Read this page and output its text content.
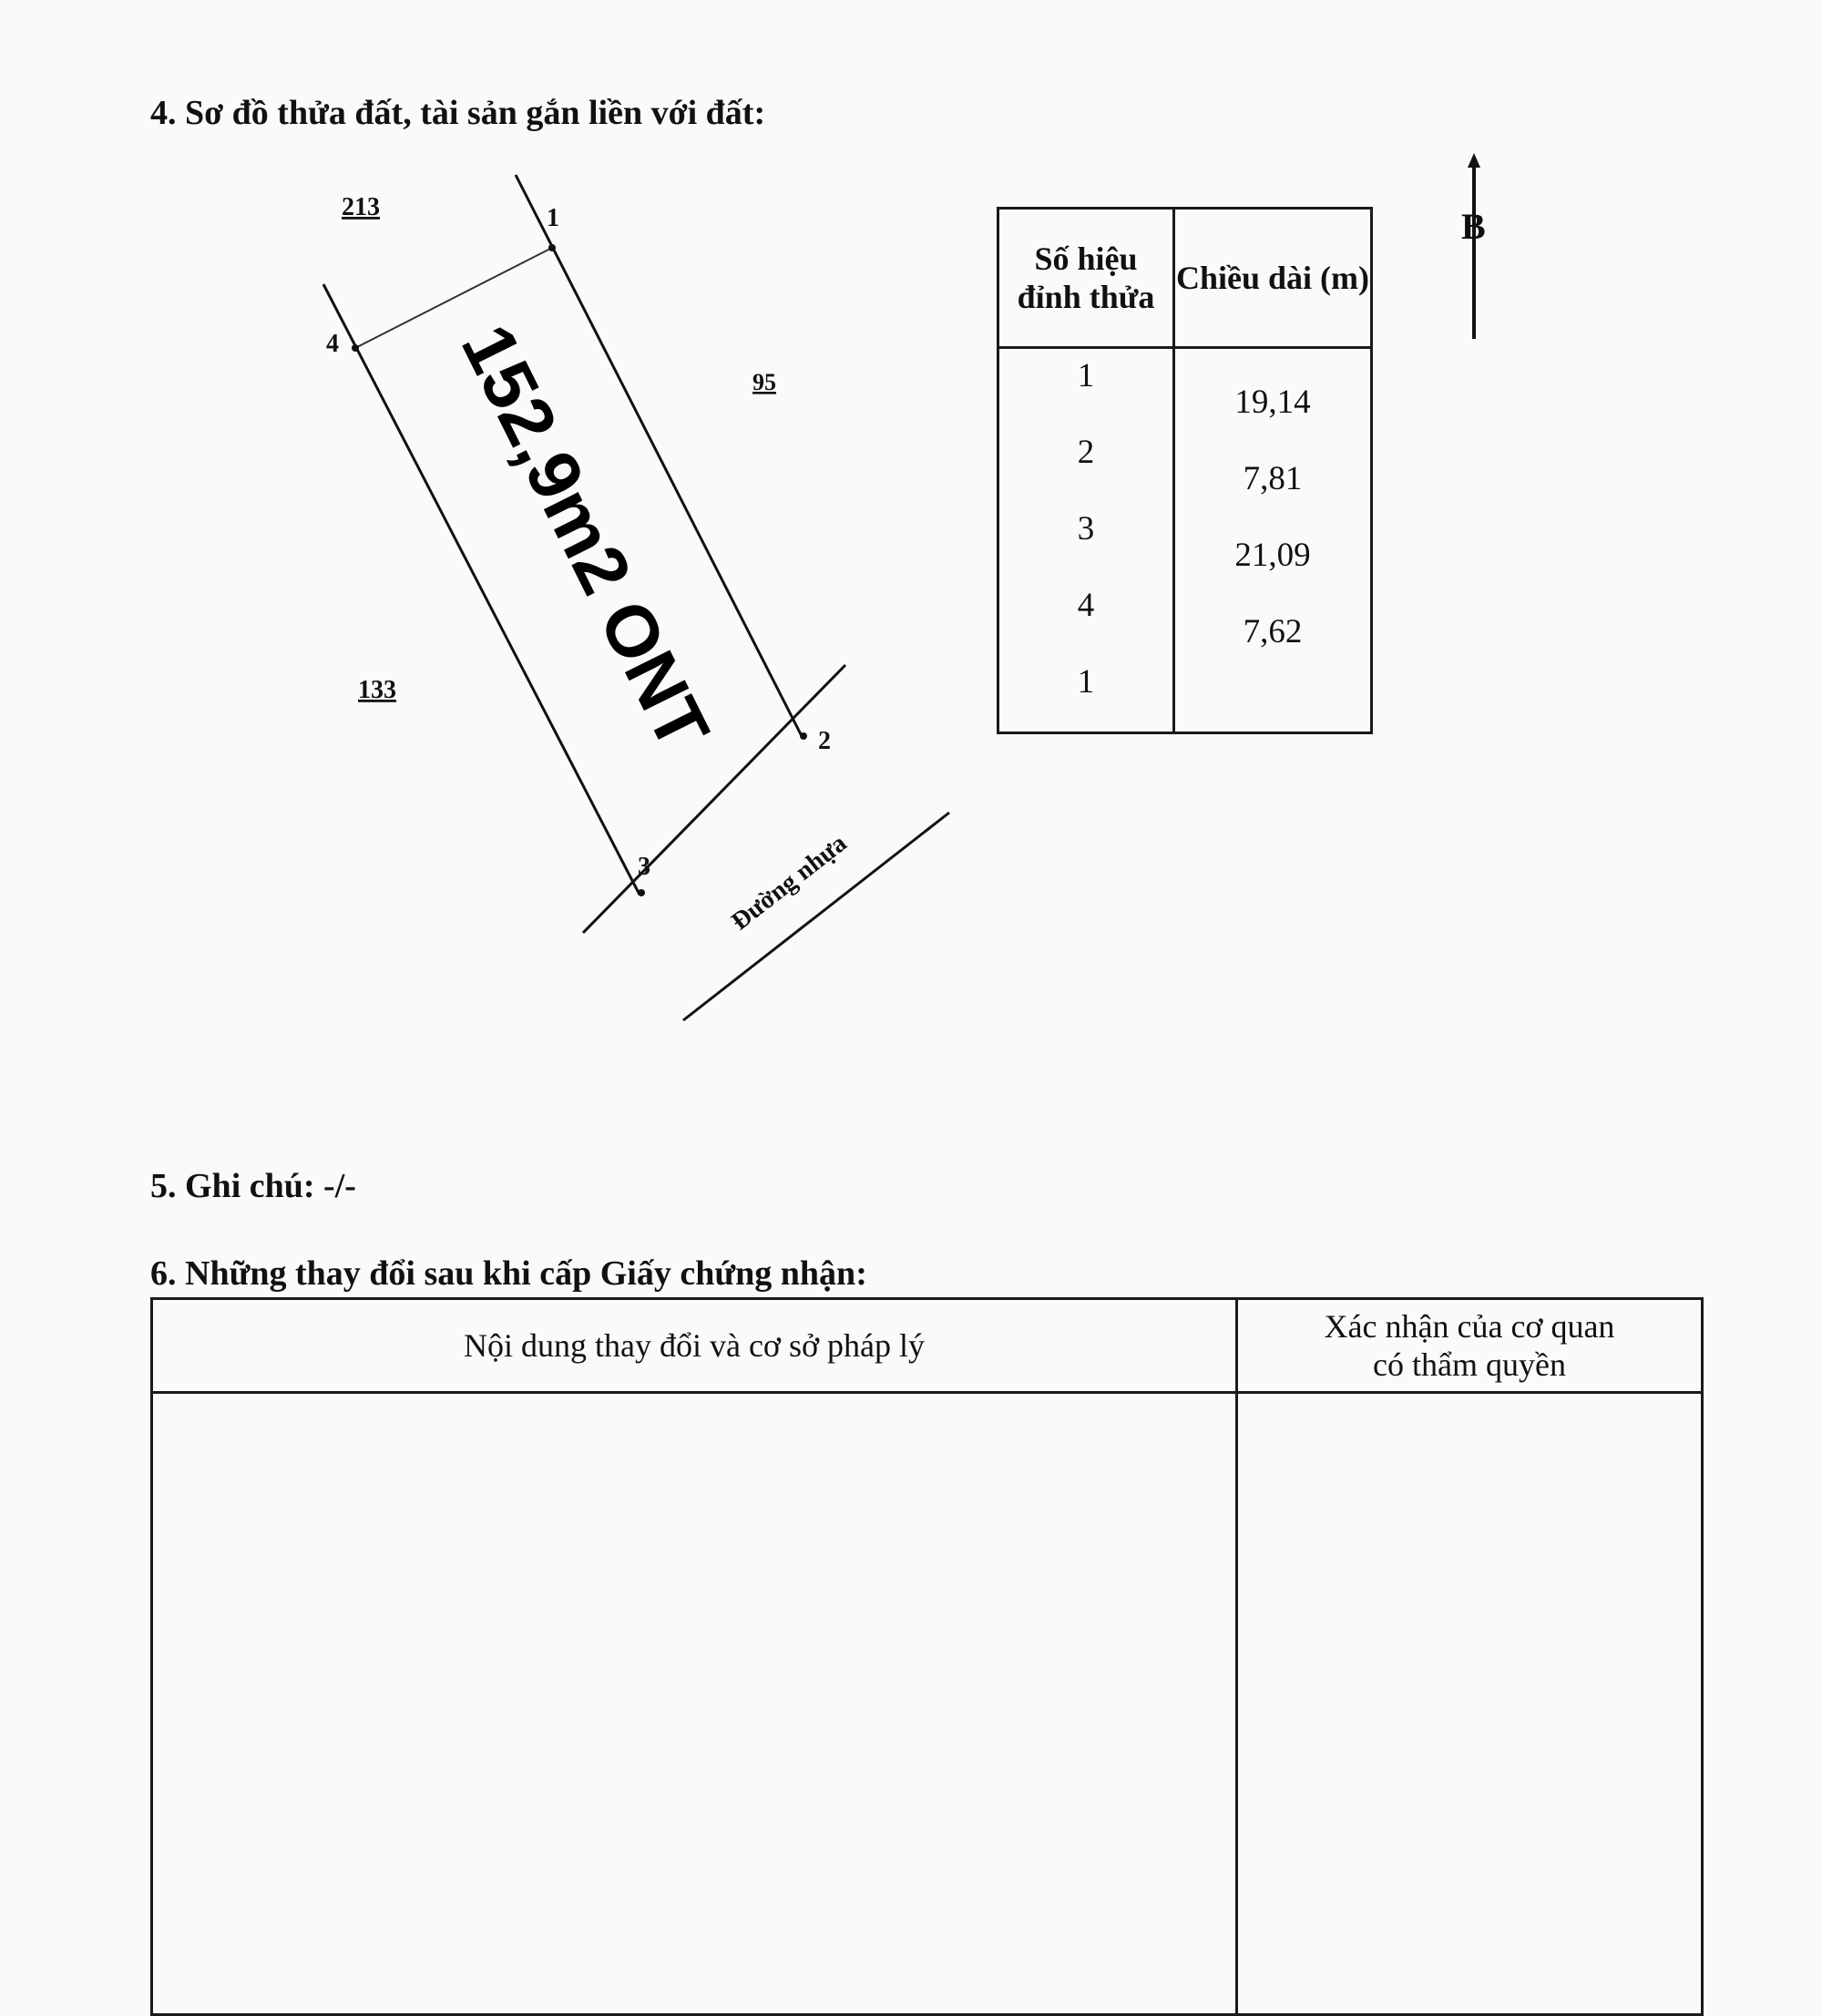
4. Sơ đồ thửa đất, tài sản gắn liền với đất:
213
95
133
1
2
3
4 152,9m2 ONT
Đường nhựa
B
Số hiệu
đỉnh thửa	Chiều dài (m)
1	19,14
2	7,81
3	21,09
4	7,62
1	
5. Ghi chú: -/-
6. Những thay đổi sau khi cấp Giấy chứng nhận:
Nội dung thay đổi và cơ sở pháp lý	Xác nhận của cơ quan
có thẩm quyền
